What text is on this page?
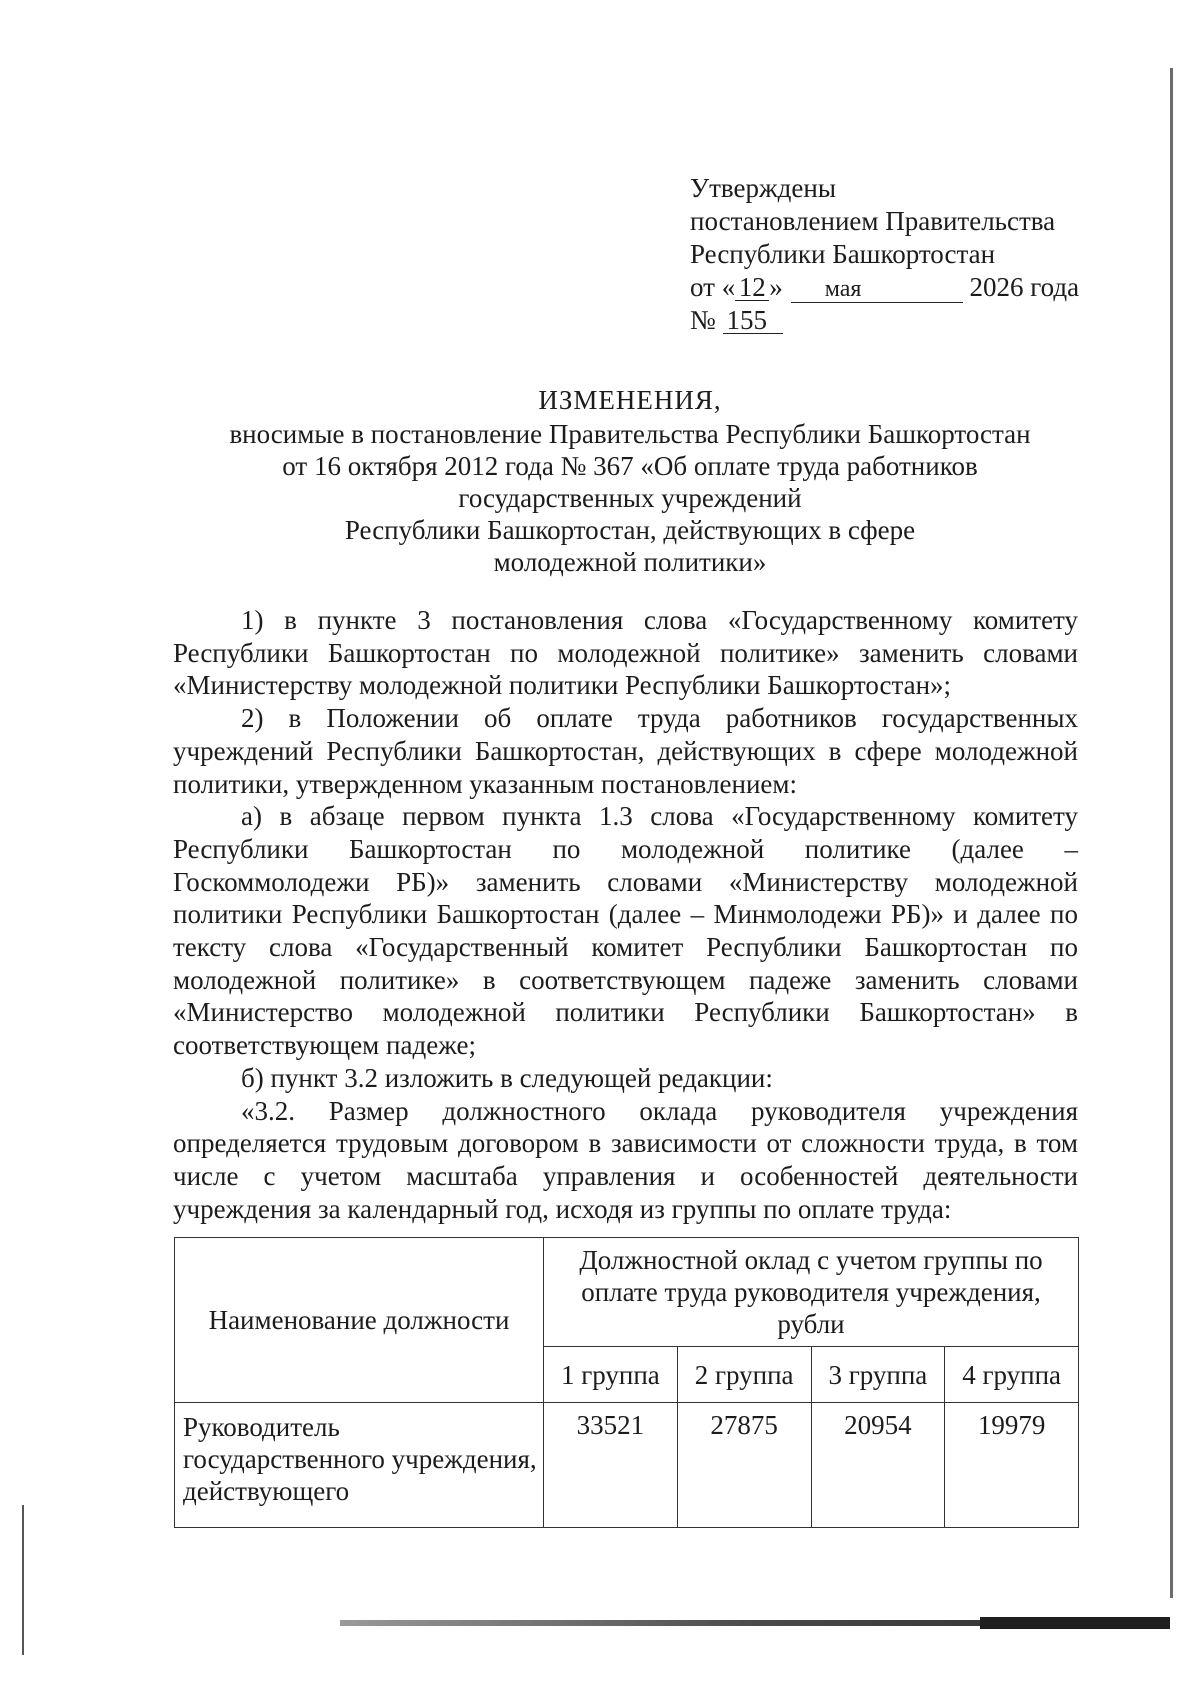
Утверждены
постановлением Правительства
Республики Башкортостан
от « 12 » мая	2026 года
№ 155
ИЗМЕНЕНИЯ,
вносимые в постановление Правительства Республики Башкортостан
от 16 октября 2012 года № 367 «Об оплате труда работников
государственных учреждений
Республики Башкортостан, действующих в сфере
молодежной политики»

1) в пункте 3 постановления слова «Государственному комитету Республики Башкортостан по молодежной политике» заменить словами «Министерству молодежной политики Республики Башкортостан»;

2) в Положении об оплате труда работников государственных учреждений Республики Башкортостан, действующих в сфере молодежной политики, утвержденном указанным постановлением:

а) в абзаце первом пункта 1.3 слова «Государственному комитету Республики Башкортостан по молодежной политике (далее – Госкоммолодежи РБ)» заменить словами «Министерству молодежной политики Республики Башкортостан (далее – Минмолодежи РБ)» и далее по тексту слова «Государственный комитет Республики Башкортостан по молодежной политике» в соответствующем падеже заменить словами «Министерство молодежной политики Республики Башкортостан» в соответствующем падеже;

б) пункт 3.2 изложить в следующей редакции:

«3.2. Размер должностного оклада руководителя учреждения определяется трудовым договором в зависимости от сложности труда, в том числе с учетом масштаба управления и особенностей деятельности учреждения за календарный год, исходя из группы по оплате труда:

Наименование должности	Должностной оклад с учетом группы по оплате труда руководителя учреждения, рубли			
	1 группа	2 группа	3 группа	4 группа
Руководитель государственного учреждения, действующего	33521	27875	20954	19979
